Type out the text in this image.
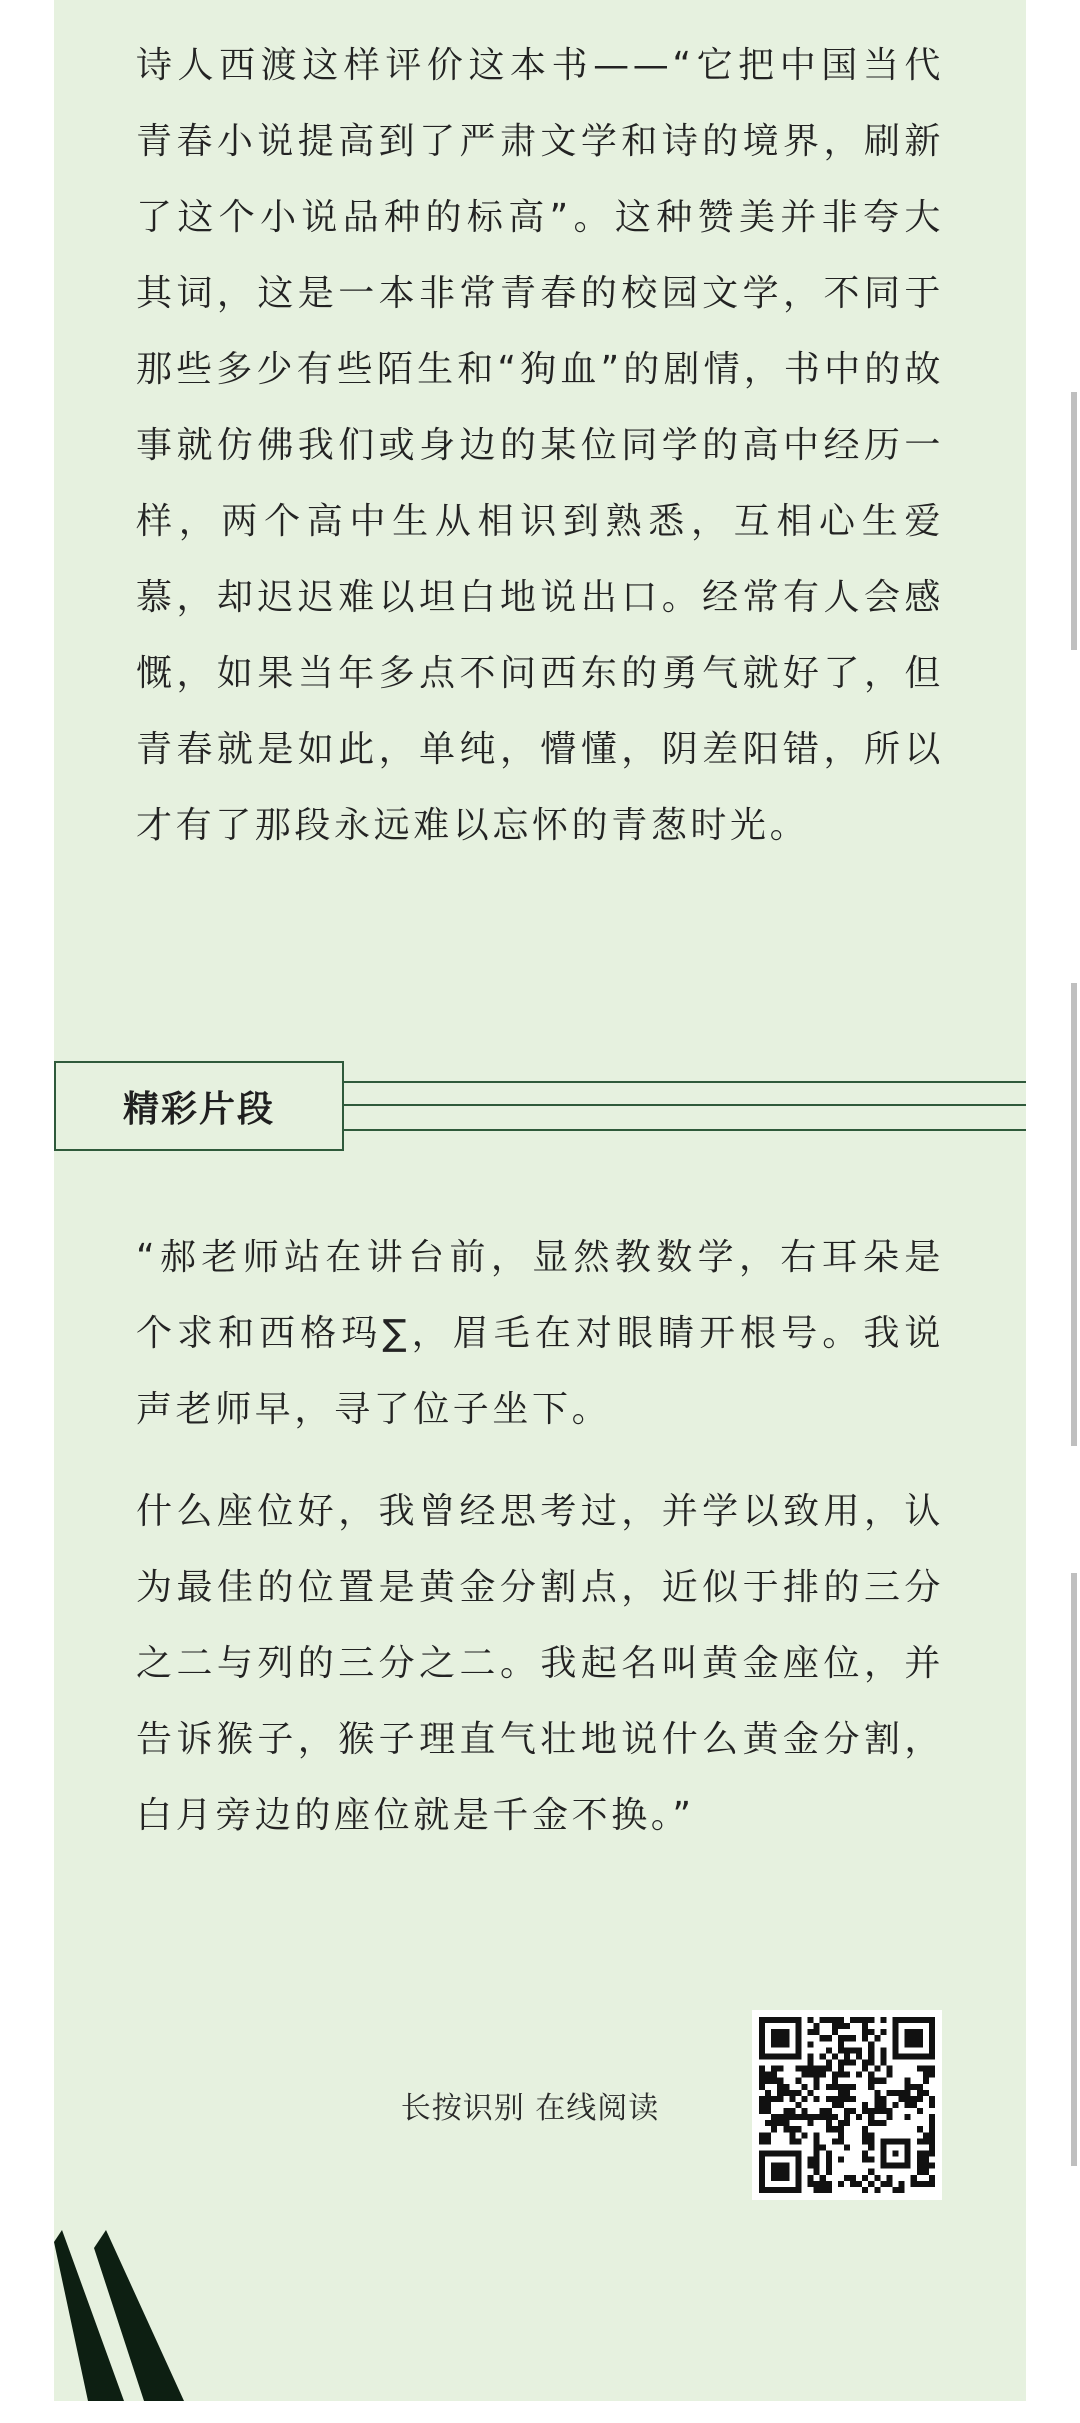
诗人西渡这样评价这本书——“它把中国当代青春小说提高到了严肃文学和诗的境界，刷新了这个小说品种的标高”。这种赞美并非夸大其词，这是一本非常青春的校园文学，不同于那些多少有些陌生和“狗血”的剧情，书中的故事就仿佛我们或身边的某位同学的高中经历一样，两个高中生从相识到熟悉，互相心生爱慕，却迟迟难以坦白地说出口。经常有人会感慨，如果当年多点不问西东的勇气就好了，但青春就是如此，单纯，懵懂，阴差阳错，所以才有了那段永远难以忘怀的青葱时光。

精彩片段

“郝老师站在讲台前，显然教数学，右耳朵是个求和西格玛∑，眉毛在对眼睛开根号。我说声老师早，寻了位子坐下。

什么座位好，我曾经思考过，并学以致用，认为最佳的位置是黄金分割点，近似于排的三分之二与列的三分之二。我起名叫黄金座位，并告诉猴子，猴子理直气壮地说什么黄金分割，白月旁边的座位就是千金不换。”

长按识别 在线阅读
